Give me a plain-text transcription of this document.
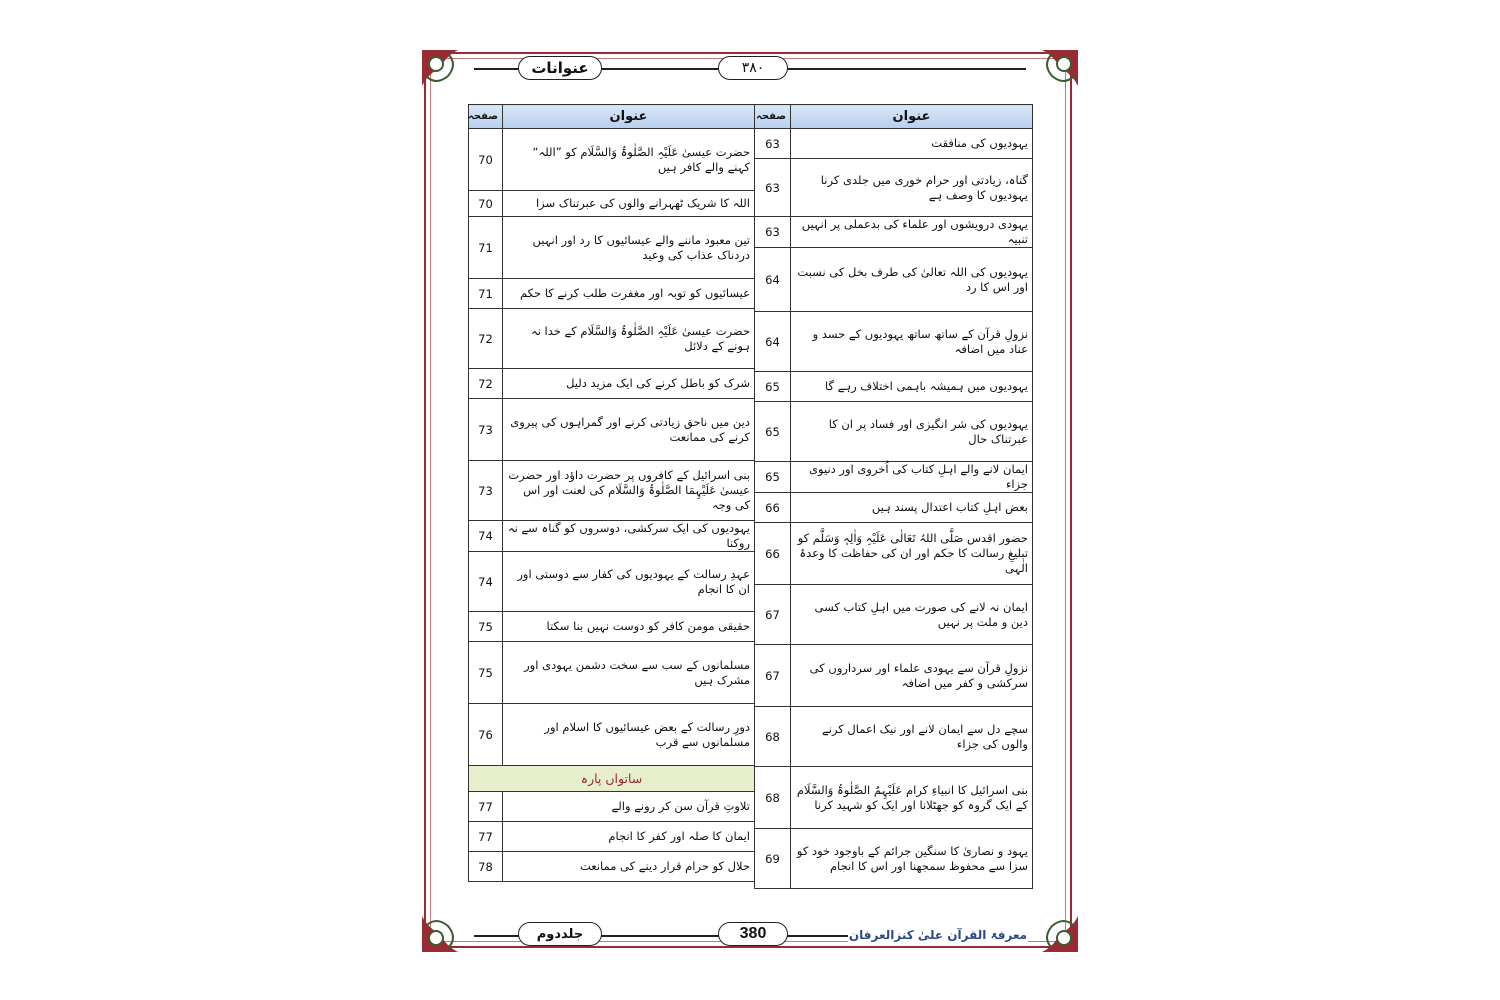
عنوانات	۳۸۰
عنوان	صفحہ
حضرت عیسیٰ عَلَیْہِ الصَّلٰوۃُ وَالسَّلَام کو ”اللہ“ کہنے والے کافر ہیں	70
اللہ کا شریک ٹھہرانے والوں کی عبرتناک سزا	70
تین معبود ماننے والے عیسائیوں کا رد اور انہیں دردناک عذاب کی وعید	71
عیسائیوں کو توبہ اور مغفرت طلب کرنے کا حکم	71
حضرت عیسیٰ عَلَیْہِ الصَّلٰوۃُ وَالسَّلَام کے خدا نہ ہونے کے دلائل	72
شرک کو باطل کرنے کی ایک مزید دلیل	72
دین میں ناحق زیادتی کرنے اور گمراہوں کی پیروی کرنے کی ممانعت	73
بنی اسرائیل کے کافروں پر حضرت داؤد اور حضرت عیسیٰ عَلَیْہِمَا الصَّلٰوۃُ وَالسَّلَام کی لعنت اور اس کی وجہ	73
یہودیوں کی ایک سرکشی، دوسروں کو گناہ سے نہ روکنا	74
عہدِ رسالت کے یہودیوں کی کفار سے دوستی اور ان کا انجام	74
حقیقی مومن کافر کو دوست نہیں بنا سکتا	75
مسلمانوں کے سب سے سخت دشمن یہودی اور مشرک ہیں	75
دورِ رسالت کے بعض عیسائیوں کا اسلام اور مسلمانوں سے قرب	76
ساتواں پارہ	
تلاوتِ قرآن سن کر رونے والے	77
ایمان کا صلہ اور کفر کا انجام	77
حلال کو حرام قرار دینے کی ممانعت	78
عنوان	صفحہ
یہودیوں کی منافقت	63
گناہ، زیادتی اور حرام خوری میں جلدی کرنا یہودیوں کا وصف ہے	63
یہودی درویشوں اور علماء کی بدعملی پر انہیں تنبیہ	63
یہودیوں کی اللہ تعالیٰ کی طرف بخل کی نسبت اور اس کا رد	64
نزولِ قرآن کے ساتھ ساتھ یہودیوں کے حسد و عناد میں اضافہ	64
یہودیوں میں ہمیشہ باہمی اختلاف رہے گا	65
یہودیوں کی شر انگیزی اور فساد پر ان کا عبرتناک حال	65
ایمان لانے والے اہلِ کتاب کی اُخروی اور دنیوی جزاء	65
بعض اہلِ کتاب اعتدال پسند ہیں	66
حضور اقدس صَلَّی اللہُ تَعَالٰی عَلَیْہِ وَاٰلِہٖ وَسَلَّم کو تبلیغِ رسالت کا حکم اور ان کی حفاظت کا وعدۂ الٰہی	66
ایمان نہ لانے کی صورت میں اہلِ کتاب کسی دین و ملت پر نہیں	67
نزولِ قرآن سے یہودی علماء اور سرداروں کی سرکشی و کفر میں اضافہ	67
سچے دل سے ایمان لانے اور نیک اعمال کرنے والوں کی جزاء	68
بنی اسرائیل کا انبیاءِ کرام عَلَیْہِمُ الصَّلٰوۃُ وَالسَّلَام کے ایک گروہ کو جھٹلانا اور ایک کو شہید کرنا	68
یہود و نصاریٰ کا سنگین جرائم کے باوجود خود کو سزا سے محفوظ سمجھنا اور اس کا انجام	69
جلددوم	380	معرفۃ القرآن علیٰ کنزالعرفان
